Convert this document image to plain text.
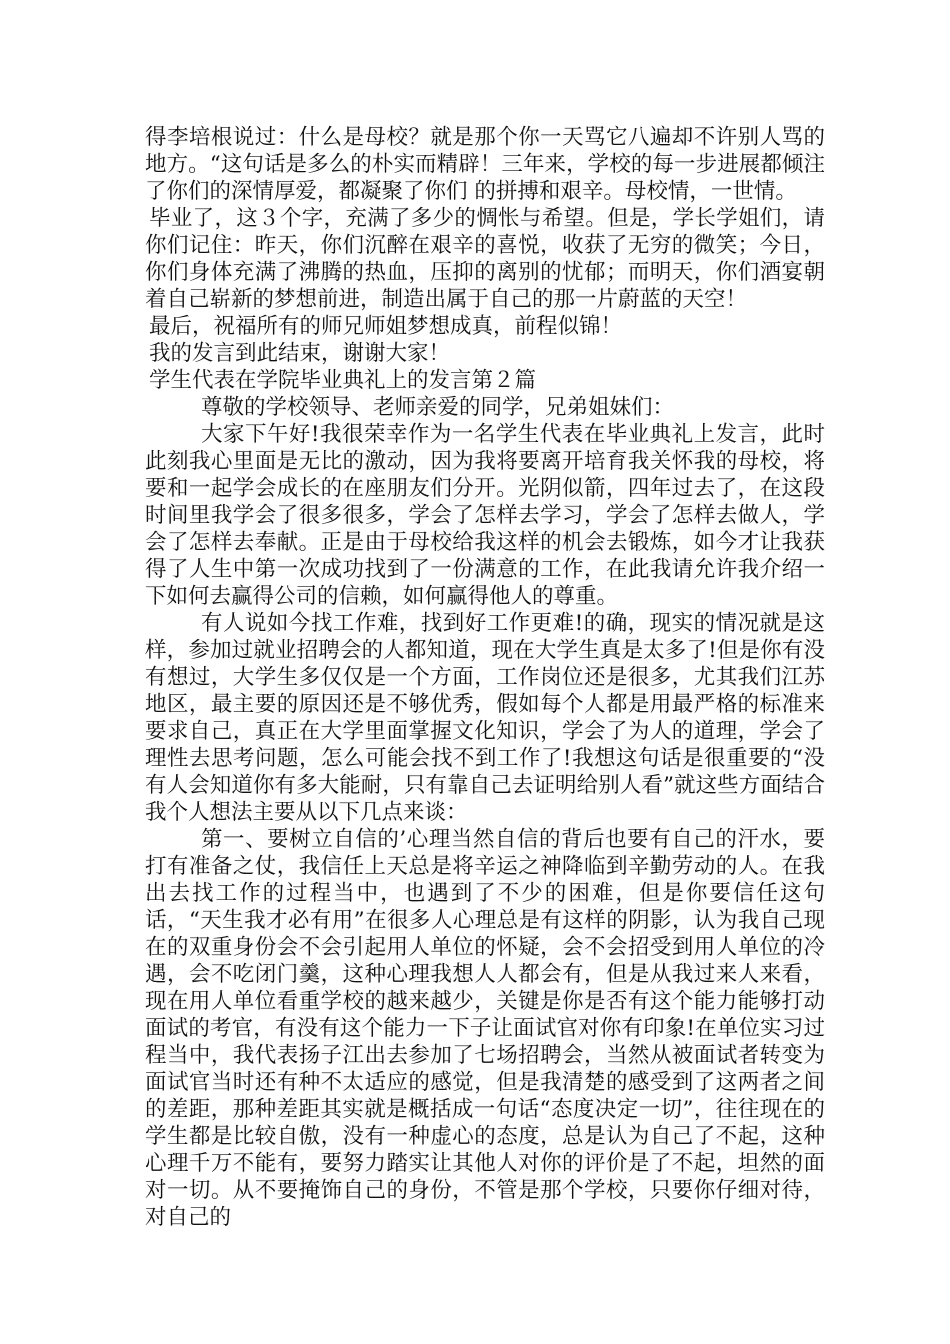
得李培根说过：什么是母校？就是那个你一天骂它八遍却不许别人骂的地方。“这句话是多么的朴实而精辟！三年来，学校的每一步进展都倾注了你们的深情厚爱，都凝聚了你们 的拼搏和艰辛。母校情，一世情。

毕业了，这３个字，充满了多少的惆怅与希望。但是，学长学姐们，请你们记住：昨天，你们沉醉在艰辛的喜悦，收获了无穷的微笑；今日，你们身体充满了沸腾的热血，压抑的离别的忧郁；而明天，你们酒宴朝着自己崭新的梦想前进，制造出属于自己的那一片蔚蓝的天空！

最后，祝福所有的师兄师姐梦想成真，前程似锦！

我的发言到此结束，谢谢大家！

学生代表在学院毕业典礼上的发言第２篇

尊敬的学校领导、老师亲爱的同学，兄弟姐妹们：

大家下午好!我很荣幸作为一名学生代表在毕业典礼上发言，此时此刻我心里面是无比的激动，因为我将要离开培育我关怀我的母校，将要和一起学会成长的在座朋友们分开。光阴似箭，四年过去了，在这段时间里我学会了很多很多，学会了怎样去学习，学会了怎样去做人，学会了怎样去奉献。正是由于母校给我这样的机会去锻炼，如今才让我获得了人生中第一次成功找到了一份满意的工作，在此我请允许我介绍一下如何去赢得公司的信赖，如何赢得他人的尊重。

有人说如今找工作难，找到好工作更难!的确，现实的情况就是这样，参加过就业招聘会的人都知道，现在大学生真是太多了!但是你有没有想过，大学生多仅仅是一个方面，工作岗位还是很多，尤其我们江苏地区，最主要的原因还是不够优秀，假如每个人都是用最严格的标准来要求自己，真正在大学里面掌握文化知识，学会了为人的道理，学会了理性去思考问题，怎么可能会找不到工作了!我想这句话是很重要的“没有人会知道你有多大能耐，只有靠自己去证明给别人看”就这些方面结合我个人想法主要从以下几点来谈：

第一、要树立自信的’心理当然自信的背后也要有自己的汗水，要打有准备之仗，我信任上天总是将辛运之神降临到辛勤劳动的人。在我出去找工作的过程当中，也遇到了不少的困难，但是你要信任这句话，“天生我才必有用”在很多人心理总是有这样的阴影，认为我自己现在的双重身份会不会引起用人单位的怀疑，会不会招受到用人单位的冷遇，会不吃闭门羹，这种心理我想人人都会有，但是从我过来人来看，现在用人单位看重学校的越来越少，关键是你是否有这个能力能够打动面试的考官，有没有这个能力一下子让面试官对你有印象!在单位实习过程当中，我代表扬子江出去参加了七场招聘会，当然从被面试者转变为面试官当时还有种不太适应的感觉，但是我清楚的感受到了这两者之间的差距，那种差距其实就是概括成一句话“态度决定一切”，往往现在的学生都是比较自傲，没有一种虚心的态度，总是认为自己了不起，这种心理千万不能有，要努力踏实让其他人对你的评价是了不起，坦然的面对一切。从不要掩饰自己的身份，不管是那个学校，只要你仔细对待，对自己的
